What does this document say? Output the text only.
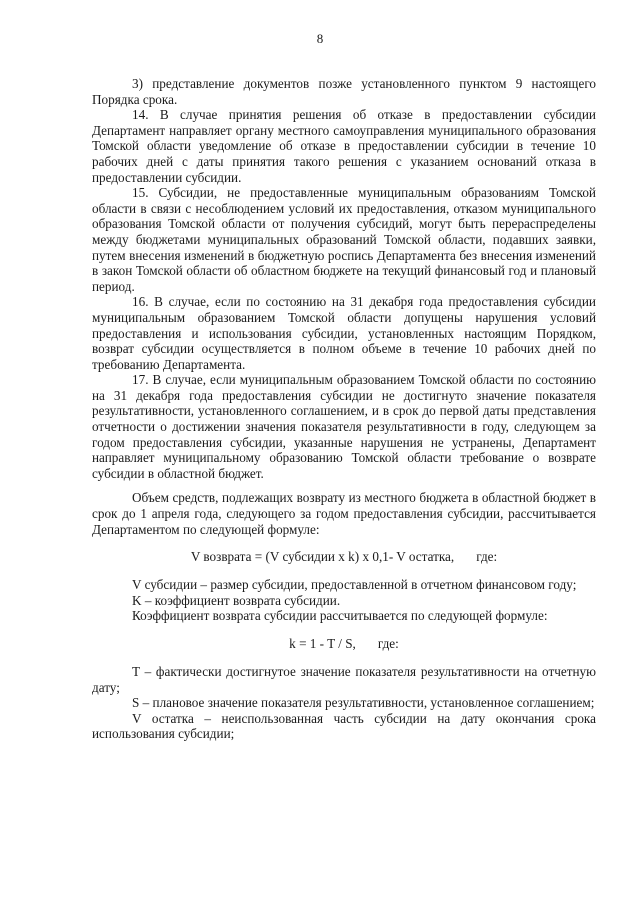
8

3) представление документов позже установленного пунктом 9 настоящего Порядка срока.

14. В случае принятия решения об отказе в предоставлении субсидии Департамент направляет органу местного самоуправления муниципального образования Томской области уведомление об отказе в предоставлении субсидии в течение 10 рабочих дней с даты принятия такого решения с указанием оснований отказа в предоставлении субсидии.

15. Субсидии, не предоставленные муниципальным образованиям Томской области в связи с несоблюдением условий их предоставления, отказом муниципального образования Томской области от получения субсидий, могут быть перераспределены между бюджетами муниципальных образований Томской области, подавших заявки, путем внесения изменений в бюджетную роспись Департамента без внесения изменений в закон Томской области об областном бюджете на текущий финансовый год и плановый период.

16. В случае, если по состоянию на 31 декабря года предоставления субсидии муниципальным образованием Томской области допущены нарушения условий предоставления и использования субсидии, установленных настоящим Порядком, возврат субсидии осуществляется в полном объеме в течение 10 рабочих дней по требованию Департамента.

17. В случае, если муниципальным образованием Томской области по состоянию на 31 декабря года предоставления субсидии не достигнуто значение показателя результативности, установленного соглашением, и в срок до первой даты представления отчетности о достижении значения показателя результативности в году, следующем за годом предоставления субсидии, указанные нарушения не устранены, Департамент направляет муниципальному образованию Томской области требование о возврате субсидии в областной бюджет.

Объем средств, подлежащих возврату из местного бюджета в областной бюджет в срок до 1 апреля года, следующего за годом предоставления субсидии, рассчитывается Департаментом по следующей формуле:

V возврата = (V субсидии x k) x 0,1- V остатка, где:

V субсидии – размер субсидии, предоставленной в отчетном финансовом году;

K – коэффициент возврата субсидии.

Коэффициент возврата субсидии рассчитывается по следующей формуле:

k = 1 - T / S, где:

T – фактически достигнутое значение показателя результативности на отчетную дату;

S – плановое значение показателя результативности, установленное соглашением;

V остатка – неиспользованная часть субсидии на дату окончания срока использования субсидии;
